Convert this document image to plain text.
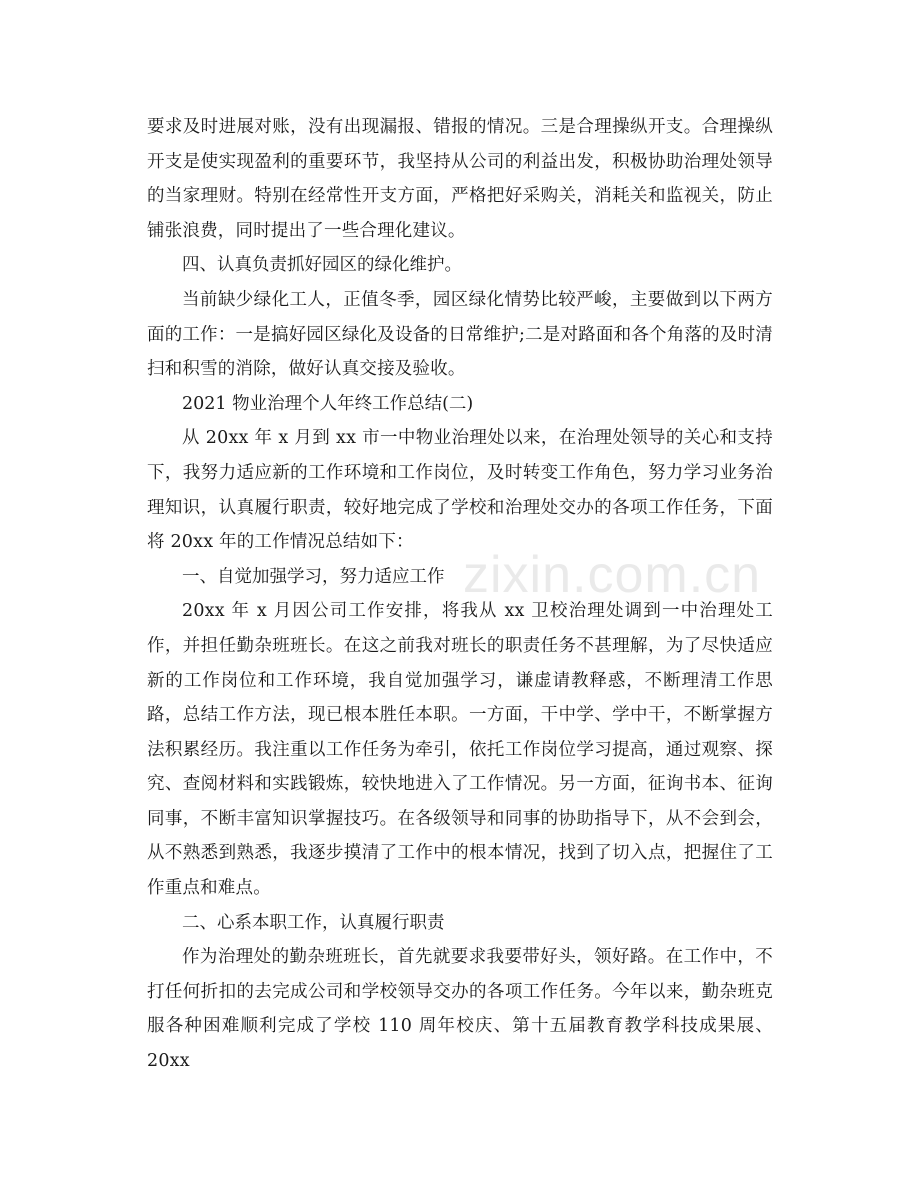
要求及时进展对账，没有出现漏报、错报的情况。三是合理操纵开支。合理操纵开支是使实现盈利的重要环节，我坚持从公司的利益出发，积极协助治理处领导的当家理财。特别在经常性开支方面，严格把好采购关，消耗关和监视关，防止铺张浪费，同时提出了一些合理化建议。

四、认真负责抓好园区的绿化维护。

当前缺少绿化工人，正值冬季，园区绿化情势比较严峻，主要做到以下两方面的工作：一是搞好园区绿化及设备的日常维护;二是对路面和各个角落的及时清扫和积雪的消除，做好认真交接及验收。

2021 物业治理个人年终工作总结(二)

从 20xx 年 x 月到 xx 市一中物业治理处以来，在治理处领导的关心和支持下，我努力适应新的工作环境和工作岗位，及时转变工作角色，努力学习业务治理知识，认真履行职责，较好地完成了学校和治理处交办的各项工作任务，下面将 20xx 年的工作情况总结如下：

一、自觉加强学习，努力适应工作

20xx 年 x 月因公司工作安排，将我从 xx 卫校治理处调到一中治理处工作，并担任勤杂班班长。在这之前我对班长的职责任务不甚理解，为了尽快适应新的工作岗位和工作环境，我自觉加强学习，谦虚请教释惑，不断理清工作思路，总结工作方法，现已根本胜任本职。一方面，干中学、学中干，不断掌握方法积累经历。我注重以工作任务为牵引，依托工作岗位学习提高，通过观察、探究、查阅材料和实践锻炼，较快地进入了工作情况。另一方面，征询书本、征询同事，不断丰富知识掌握技巧。在各级领导和同事的协助指导下，从不会到会，从不熟悉到熟悉，我逐步摸清了工作中的根本情况，找到了切入点，把握住了工作重点和难点。

二、心系本职工作，认真履行职责

作为治理处的勤杂班班长，首先就要求我要带好头，领好路。在工作中，不打任何折扣的去完成公司和学校领导交办的各项工作任务。今年以来，勤杂班克服各种困难顺利完成了学校 110 周年校庆、第十五届教育教学科技成果展、20xx

zixin.com.cn
